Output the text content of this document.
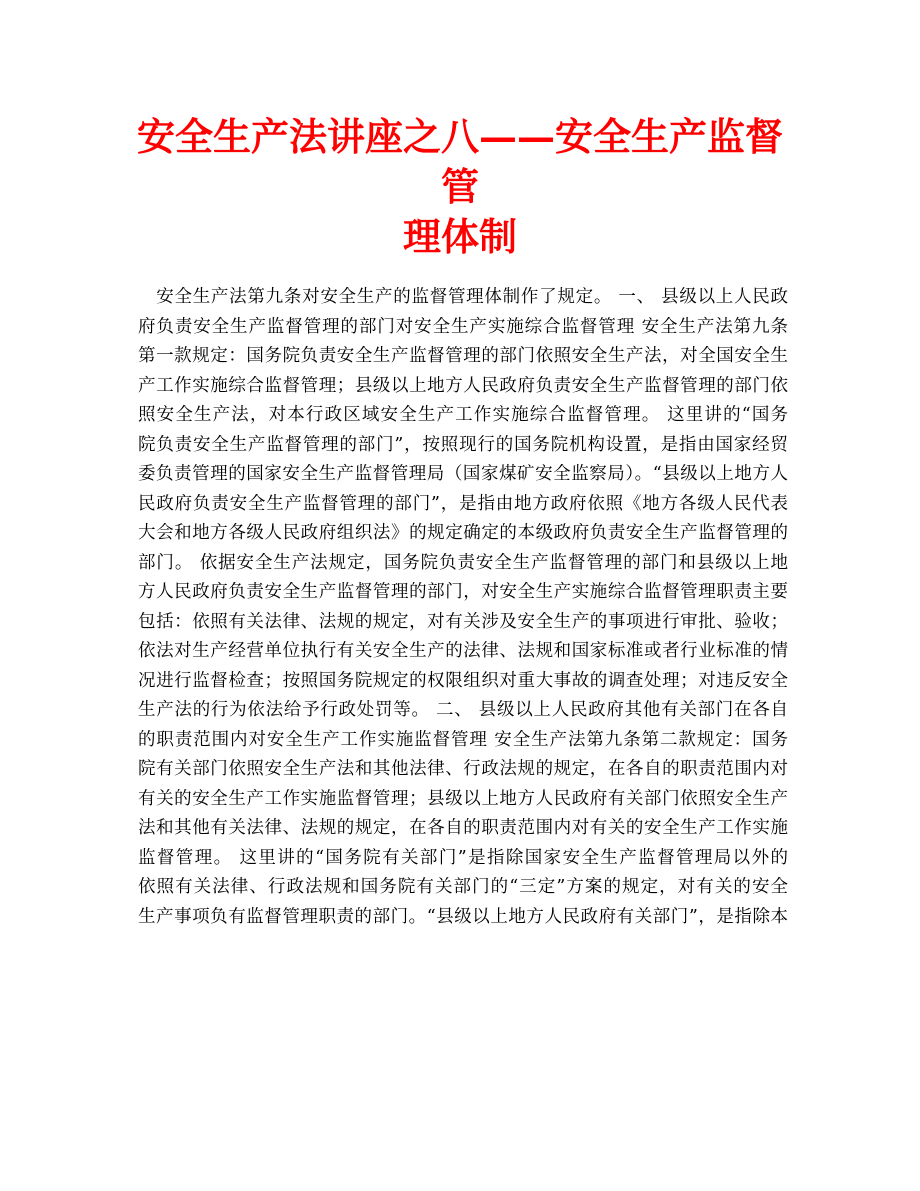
安全生产法讲座之八——安全生产监督管
理体制
　安全生产法第九条对安全生产的监督管理体制作了规定。 一、 县级以上人民政
府负责安全生产监督管理的部门对安全生产实施综合监督管理 安全生产法第九条
第一款规定：国务院负责安全生产监督管理的部门依照安全生产法，对全国安全生
产工作实施综合监督管理；县级以上地方人民政府负责安全生产监督管理的部门依
照安全生产法，对本行政区域安全生产工作实施综合监督管理。 这里讲的“国务
院负责安全生产监督管理的部门”，按照现行的国务院机构设置，是指由国家经贸
委负责管理的国家安全生产监督管理局（国家煤矿安全监察局）。“县级以上地方人
民政府负责安全生产监督管理的部门”，是指由地方政府依照《地方各级人民代表
大会和地方各级人民政府组织法》的规定确定的本级政府负责安全生产监督管理的
部门。 依据安全生产法规定，国务院负责安全生产监督管理的部门和县级以上地
方人民政府负责安全生产监督管理的部门，对安全生产实施综合监督管理职责主要
包括：依照有关法律、法规的规定，对有关涉及安全生产的事项进行审批、验收；
依法对生产经营单位执行有关安全生产的法律、法规和国家标准或者行业标准的情
况进行监督检查；按照国务院规定的权限组织对重大事故的调查处理；对违反安全
生产法的行为依法给予行政处罚等。 二、 县级以上人民政府其他有关部门在各自
的职责范围内对安全生产工作实施监督管理 安全生产法第九条第二款规定：国务
院有关部门依照安全生产法和其他法律、行政法规的规定，在各自的职责范围内对
有关的安全生产工作实施监督管理；县级以上地方人民政府有关部门依照安全生产
法和其他有关法律、法规的规定，在各自的职责范围内对有关的安全生产工作实施
监督管理。 这里讲的“国务院有关部门”是指除国家安全生产监督管理局以外的
依照有关法律、行政法规和国务院有关部门的“三定”方案的规定，对有关的安全
生产事项负有监督管理职责的部门。“县级以上地方人民政府有关部门”，是指除本
